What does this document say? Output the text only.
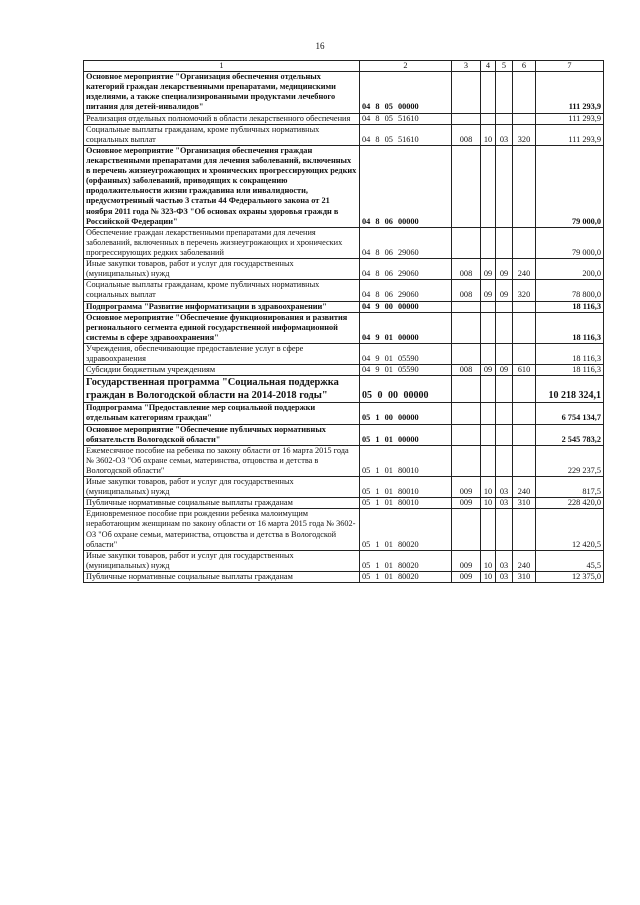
16
1	2	3	4	5	6	7
Основное мероприятие "Организация обеспечения отдельных категорий граждан лекарственными препаратами, медицинскими изделиями, а также специализированными продуктами лечебного питания для детей-инвалидов"	04 8 05 00000					111 293,9
Реализация отдельных полномочий в области лекарственного обеспечения	04 8 05 51610					111 293,9
Социальные выплаты гражданам, кроме публичных нормативных социальных выплат	04 8 05 51610	008	10	03	320	111 293,9
Основное мероприятие "Организация обеспечения граждан лекарственными препаратами для лечения заболеваний, включенных в перечень жизнеугрожающих и хронических прогрессирующих редких (орфанных) заболеваний, приводящих к сокращению продолжительности жизни граждавина или инвалидности, предусмотренный частью 3 статьи 44 Федерального закона от 21 ноября 2011 года № 323-ФЗ "Об основах охраны здоровья граждн в Российской Федерации"	04 8 06 00000					79 000,0
Обеспечение граждан лекарственными препаратами для лечения заболеваний, включенных в перечень жизнеугрожающих и хронических прогрессирующих редких заболеваний	04 8 06 29060					79 000,0
Иные закупки товаров, работ и услуг для государственных (муниципальных) нужд	04 8 06 29060	008	09	09	240	200,0
Социальные выплаты гражданам, кроме публичных нормативных социальных выплат	04 8 06 29060	008	09	09	320	78 800,0
Подпрограмма "Развитие информатизации в здравоохранении"	04 9 00 00000					18 116,3
Основное мероприятие "Обеспечение функционирования и развития регионального сегмента единой государственной информационной системы в сфере здравоохранения"	04 9 01 00000					18 116,3
Учреждения, обеспечивающие предоставление услуг в сфере здравоохранения	04 9 01 05590					18 116,3
Субсидии бюджетным учреждениям	04 9 01 05590	008	09	09	610	18 116,3
Государственная программа "Социальная поддержка граждан в Вологодской области на 2014-2018 годы"	05 0 00 00000					10 218 324,1
Подпрограмма "Предоставление мер социальной поддержки отдельным категориям граждан"	05 1 00 00000					6 754 134,7
Основное мероприятие "Обеспечение публичных нормативных обязательств Вологодской области"	05 1 01 00000					2 545 783,2
Ежемесячное пособие на ребенка по закону области от 16 марта 2015 года № 3602-ОЗ "Об охране семьи, материнства, отцовства и детства в Вологодской области"	05 1 01 80010					229 237,5
Иные закупки товаров, работ и услуг для государственных (муниципальных) нужд	05 1 01 80010	009	10	03	240	817,5
Публичные нормативные социальные выплаты гражданам	05 1 01 80010	009	10	03	310	228 420,0
Единовременное пособие при рождении ребенка малоимущим неработающим женщинам по закону области от 16 марта 2015 года № 3602-ОЗ "Об охране семьи, материнства, отцовства и детства в Вологодской области"	05 1 01 80020					12 420,5
Иные закупки товаров, работ и услуг для государственных (муниципальных) нужд	05 1 01 80020	009	10	03	240	45,5
Публичные нормативные социальные выплаты гражданам	05 1 01 80020	009	10	03	310	12 375,0
